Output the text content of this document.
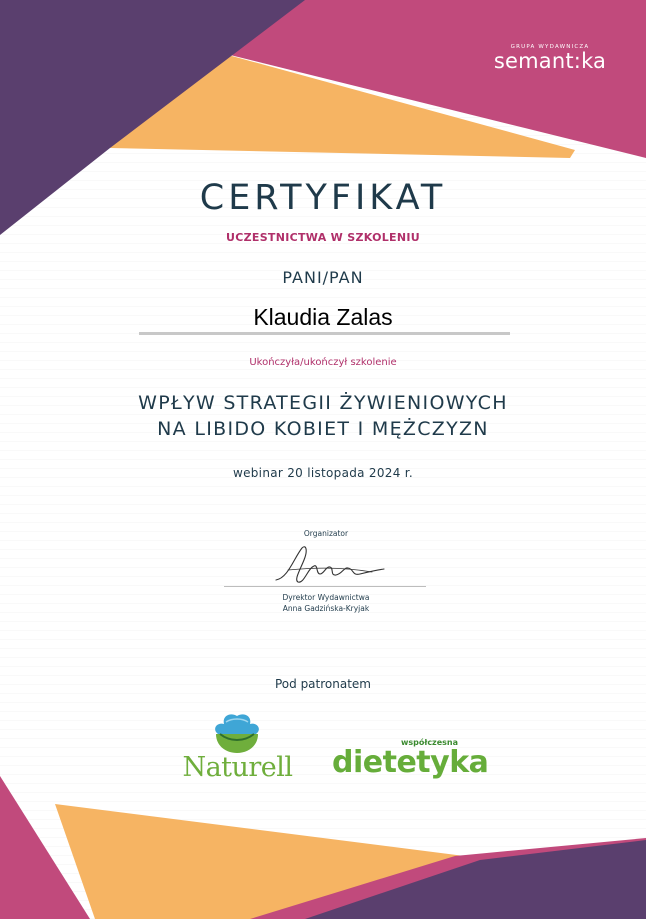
GRUPA WYDAWNICZA
semant:ka
CERTYFIKAT
UCZESTNICTWA W SZKOLENIU
PANI/PAN
Klaudia Zalas
Ukończyła/ukończył szkolenie
WPŁYW STRATEGII ŻYWIENIOWYCH
NA LIBIDO KOBIET I MĘŻCZYZN
webinar 20 listopada 2024 r.
Organizator
Dyrektor Wydawnictwa
Anna Gadzińska-Kryjak
Pod patronatem
Naturell
współczesna
dietetyka
